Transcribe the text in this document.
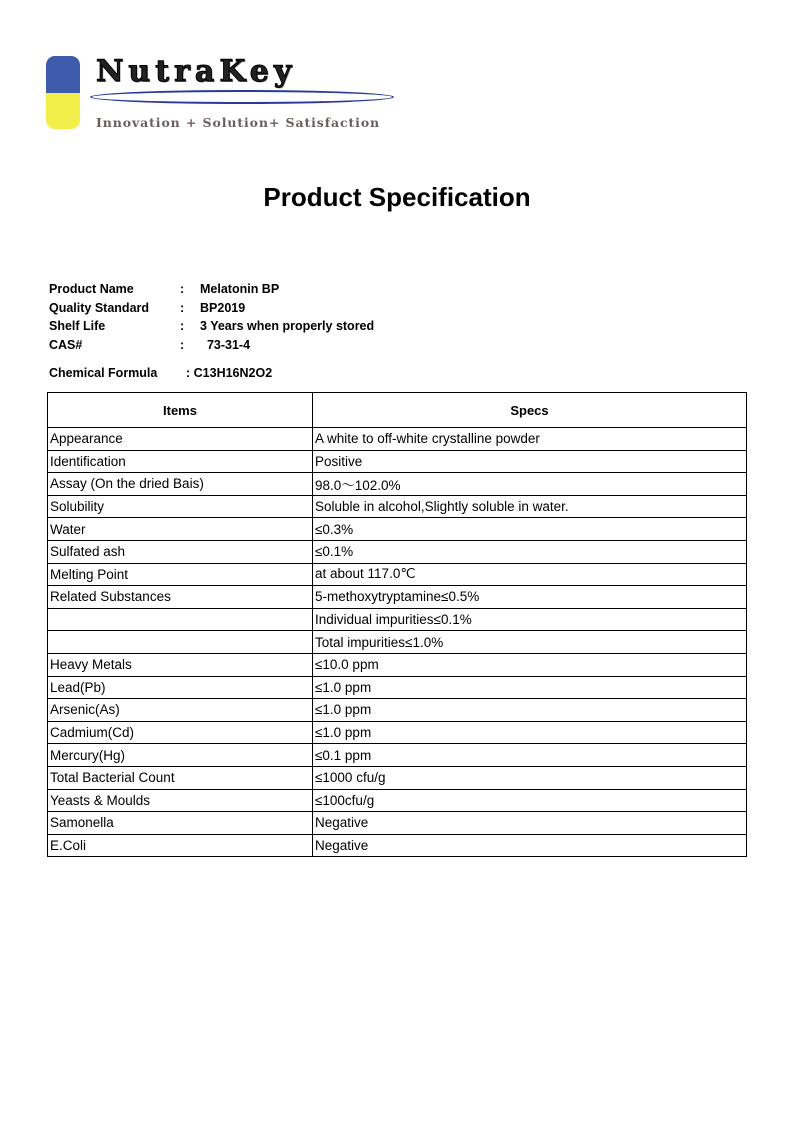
NutraKey
Innovation + Solution+ Satisfaction
Product Specification
Product Name	: Melatonin BP
Quality Standard : BP2019
Shelf Life	: 3 Years when properly stored
CAS#	: 73-31-4
Chemical Formula : C13H16N2O2
Items	Specs
Appearance	A white to off-white crystalline powder
Identification	Positive
Assay (On the dried Bais)	98.0～102.0%
Solubility	Soluble in alcohol,Slightly soluble in water.
Water	≤0.3%
Sulfated ash	≤0.1%
Melting Point	at about 117.0℃
Related Substances	5-methoxytryptamine≤0.5%
	Individual impurities≤0.1%
	Total impurities≤1.0%
Heavy Metals	≤10.0 ppm
Lead(Pb)	≤1.0 ppm
Arsenic(As)	≤1.0 ppm
Cadmium(Cd)	≤1.0 ppm
Mercury(Hg)	≤0.1 ppm
Total Bacterial Count	≤1000 cfu/g
Yeasts & Moulds	≤100cfu/g
Samonella	Negative
E.Coli	Negative
